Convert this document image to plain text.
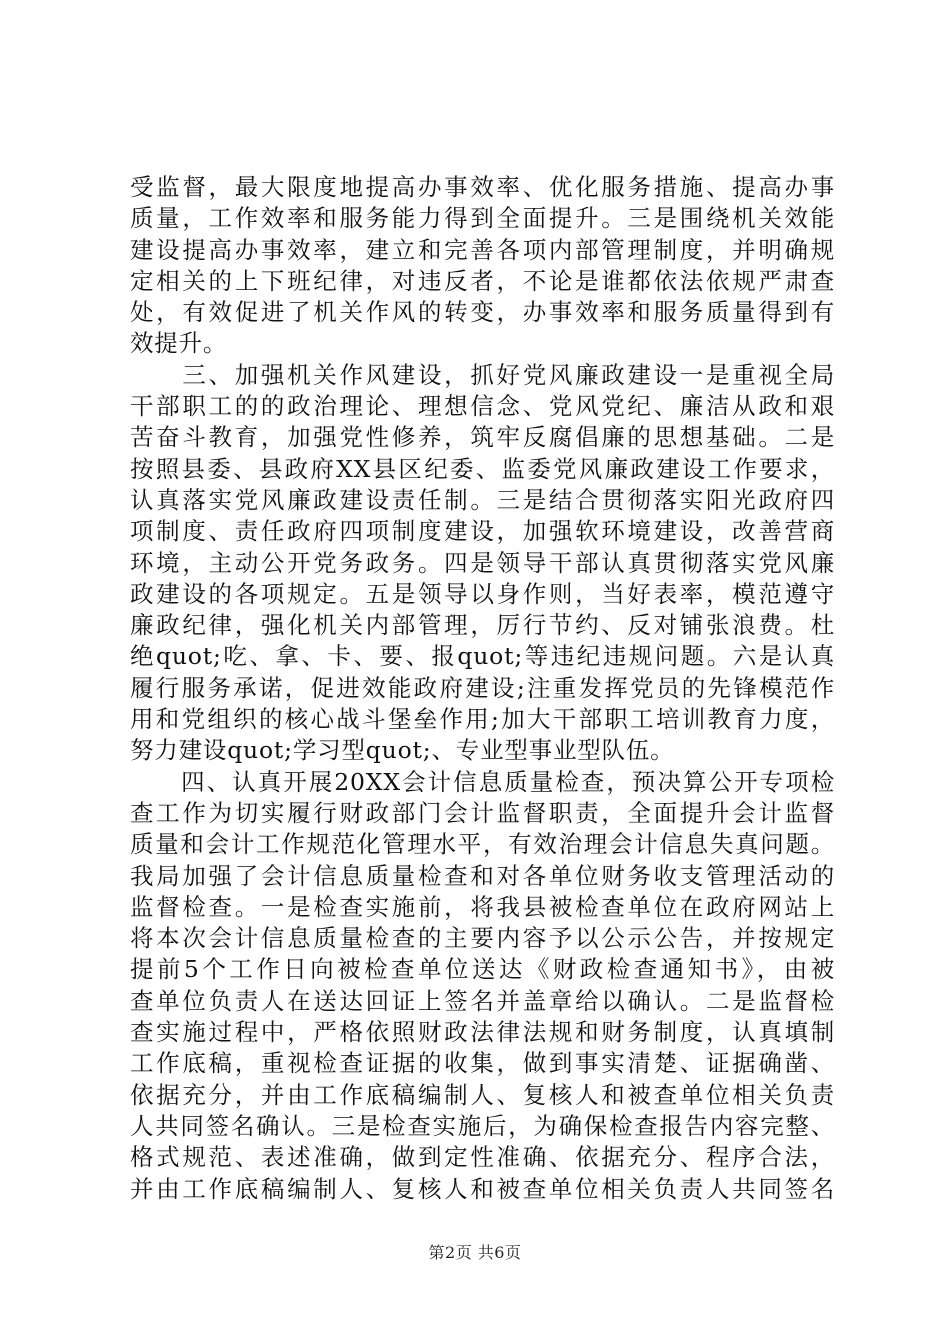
受监督，最大限度地提高办事效率、优化服务措施、提高办事
质量，工作效率和服务能力得到全面提升。三是围绕机关效能
建设提高办事效率，建立和完善各项内部管理制度，并明确规
定相关的上下班纪律，对违反者，不论是谁都依法依规严肃查
处，有效促进了机关作风的转变，办事效率和服务质量得到有
效提升。
　　三、加强机关作风建设，抓好党风廉政建设一是重视全局
干部职工的的政治理论、理想信念、党风党纪、廉洁从政和艰
苦奋斗教育，加强党性修养，筑牢反腐倡廉的思想基础。二是
按照县委、县政府XX县区纪委、监委党风廉政建设工作要求，
认真落实党风廉政建设责任制。三是结合贯彻落实阳光政府四
项制度、责任政府四项制度建设，加强软环境建设，改善营商
环境，主动公开党务政务。四是领导干部认真贯彻落实党风廉
政建设的各项规定。五是领导以身作则，当好表率，模范遵守
廉政纪律，强化机关内部管理，厉行节约、反对铺张浪费。杜
绝quot;吃、拿、卡、要、报quot;等违纪违规问题。六是认真
履行服务承诺，促进效能政府建设;注重发挥党员的先锋模范作
用和党组织的核心战斗堡垒作用;加大干部职工培训教育力度，
努力建设quot;学习型quot;、专业型事业型队伍。
　　四、认真开展20XX会计信息质量检查，预决算公开专项检
查工作为切实履行财政部门会计监督职责，全面提升会计监督
质量和会计工作规范化管理水平，有效治理会计信息失真问题。
我局加强了会计信息质量检查和对各单位财务收支管理活动的
监督检查。一是检查实施前，将我县被检查单位在政府网站上
将本次会计信息质量检查的主要内容予以公示公告，并按规定
提前5个工作日向被检查单位送达《财政检查通知书》，由被
查单位负责人在送达回证上签名并盖章给以确认。二是监督检
查实施过程中，严格依照财政法律法规和财务制度，认真填制
工作底稿，重视检查证据的收集，做到事实清楚、证据确凿、
依据充分，并由工作底稿编制人、复核人和被查单位相关负责
人共同签名确认。三是检查实施后，为确保检查报告内容完整、
格式规范、表述准确，做到定性准确、依据充分、程序合法，
并由工作底稿编制人、复核人和被查单位相关负责人共同签名
第2页 共6页
